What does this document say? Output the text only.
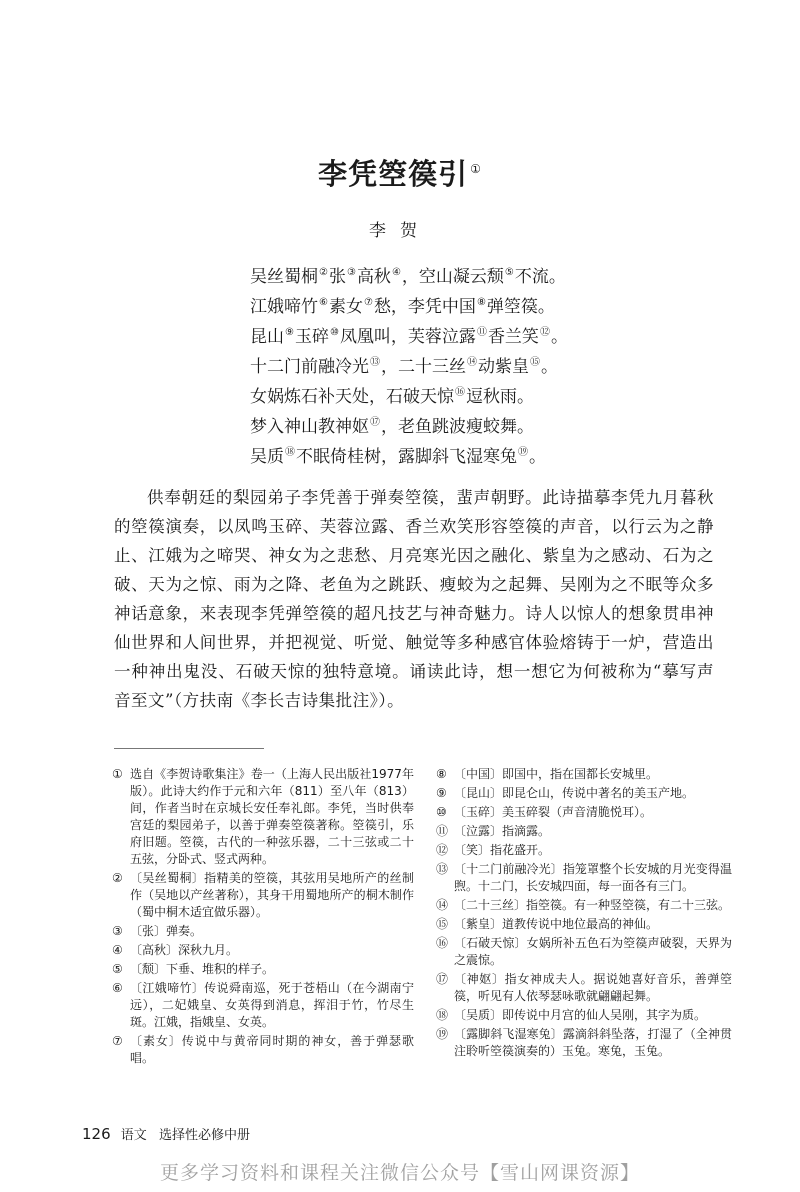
李凭箜篌引 ①
李贺
吴丝蜀桐②张③高秋④，空山凝云颓⑤不流。
江娥啼竹⑥素女⑦愁，李凭中国⑧弹箜篌。
昆山⑨玉碎⑩凤凰叫，芙蓉泣露⑪香兰笑⑫。
十二门前融冷光⑬，二十三丝⑭动紫皇⑮。
女娲炼石补天处，石破天惊⑯逗秋雨。
梦入神山教神妪⑰，老鱼跳波瘦蛟舞。
吴质⑱不眠倚桂树，露脚斜飞湿寒兔⑲。
供奉朝廷的梨园弟子李凭善于弹奏箜篌，蜚声朝野。此诗描摹李凭九月暮秋的箜篌演奏，以凤鸣玉碎、芙蓉泣露、香兰欢笑形容箜篌的声音，以行云为之静止、江娥为之啼哭、神女为之悲愁、月亮寒光因之融化、紫皇为之感动、石为之破、天为之惊、雨为之降、老鱼为之跳跃、瘦蛟为之起舞、吴刚为之不眠等众多神话意象，来表现李凭弹箜篌的超凡技艺与神奇魅力。诗人以惊人的想象贯串神仙世界和人间世界，并把视觉、听觉、触觉等多种感官体验熔铸于一炉，营造出一种神出鬼没、石破天惊的独特意境。诵读此诗，想一想它为何被称为“摹写声音至文”（方扶南《李长吉诗集批注》）。
① 选自《李贺诗歌集注》卷一（上海人民出版社1977年版）。此诗大约作于元和六年（811）至八年（813）间，作者当时在京城长安任奉礼郎。李凭，当时供奉宫廷的梨园弟子，以善于弹奏箜篌著称。箜篌引，乐府旧题。箜篌，古代的一种弦乐器，二十三弦或二十五弦，分卧式、竖式两种。
② 〔吴丝蜀桐〕指精美的箜篌，其弦用吴地所产的丝制作（吴地以产丝著称），其身干用蜀地所产的桐木制作（蜀中桐木适宜做乐器）。
③ 〔张〕弹奏。
④ 〔高秋〕深秋九月。
⑤ 〔颓〕下垂、堆积的样子。
⑥ 〔江娥啼竹〕传说舜南巡，死于苍梧山（在今湖南宁远），二妃娥皇、女英得到消息，挥泪于竹，竹尽生斑。江娥，指娥皇、女英。
⑦ 〔素女〕传说中与黄帝同时期的神女，善于弹瑟歌唱。
⑧ 〔中国〕即国中，指在国都长安城里。
⑨ 〔昆山〕即昆仑山，传说中著名的美玉产地。
⑩ 〔玉碎〕美玉碎裂（声音清脆悦耳）。
⑪ 〔泣露〕指滴露。
⑫ 〔笑〕指花盛开。
⑬ 〔十二门前融冷光〕指笼罩整个长安城的月光变得温煦。十二门，长安城四面，每一面各有三门。
⑭ 〔二十三丝〕指箜篌。有一种竖箜篌，有二十三弦。
⑮ 〔紫皇〕道教传说中地位最高的神仙。
⑯ 〔石破天惊〕女娲所补五色石为箜篌声破裂，天界为之震惊。
⑰ 〔神妪〕指女神成夫人。据说她喜好音乐，善弹箜篌，听见有人依琴瑟咏歌就翩翩起舞。
⑱ 〔吴质〕即传说中月宫的仙人吴刚，其字为质。
⑲ 〔露脚斜飞湿寒兔〕露滴斜斜坠落，打湿了（全神贯注聆听箜篌演奏的）玉兔。寒兔，玉兔。
126 语文 选择性必修中册
更多学习资料和课程关注微信公众号【雪山网课资源】
